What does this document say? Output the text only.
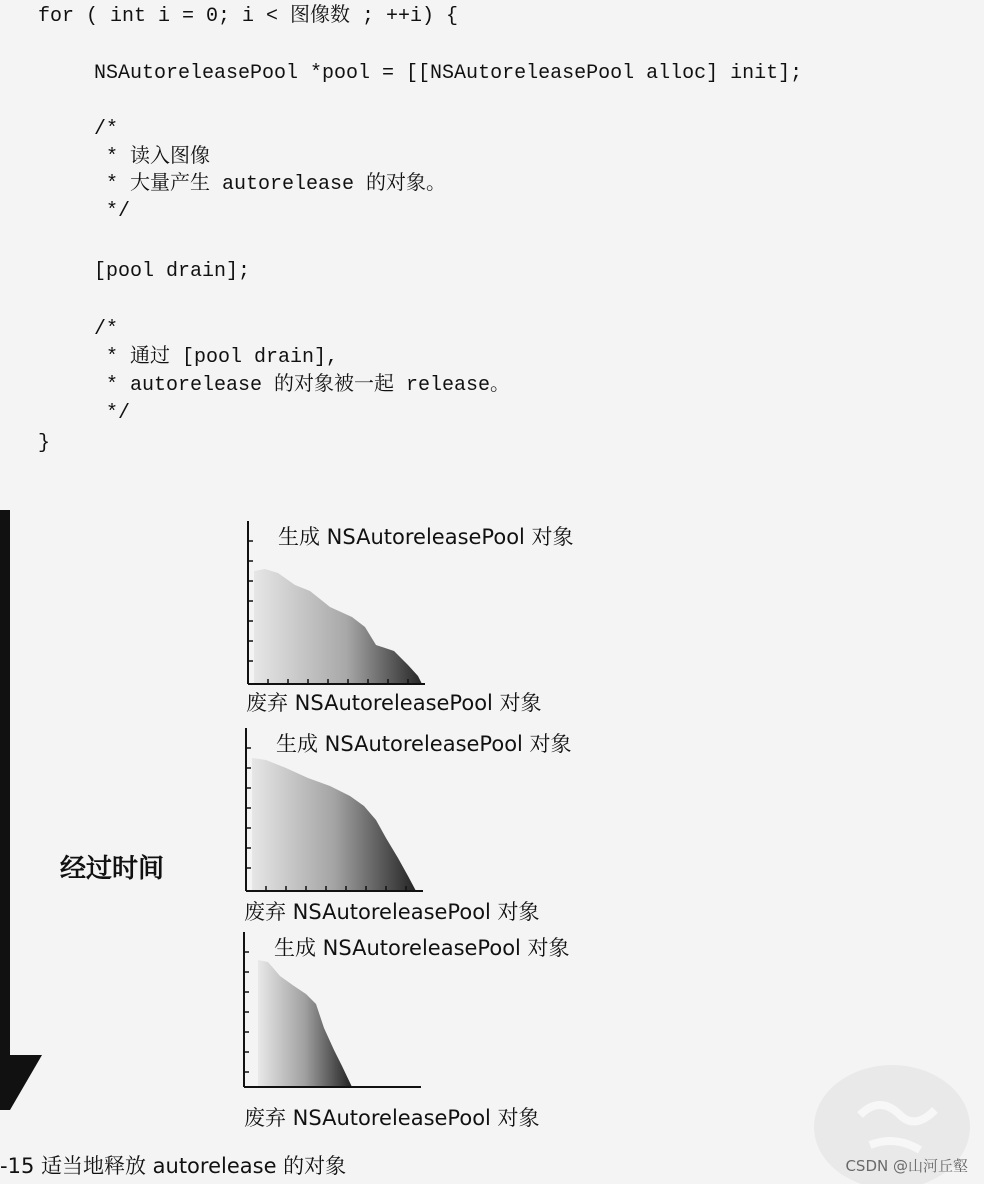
for ( int i = 0; i < 图像数 ; ++i) {
NSAutoreleasePool *pool = [[NSAutoreleasePool alloc] init];
/*
* 读入图像
* 大量产生 autorelease 的对象。
*/
[pool drain];
/*
* 通过 [pool drain],
* autorelease 的对象被一起 release。
*/
}
经过时间
生成 NSAutoreleasePool 对象
废弃 NSAutoreleasePool 对象
生成 NSAutoreleasePool 对象
废弃 NSAutoreleasePool 对象
生成 NSAutoreleasePool 对象
废弃 NSAutoreleasePool 对象
-15 适当地释放 autorelease 的对象	CSDN @山河丘壑
